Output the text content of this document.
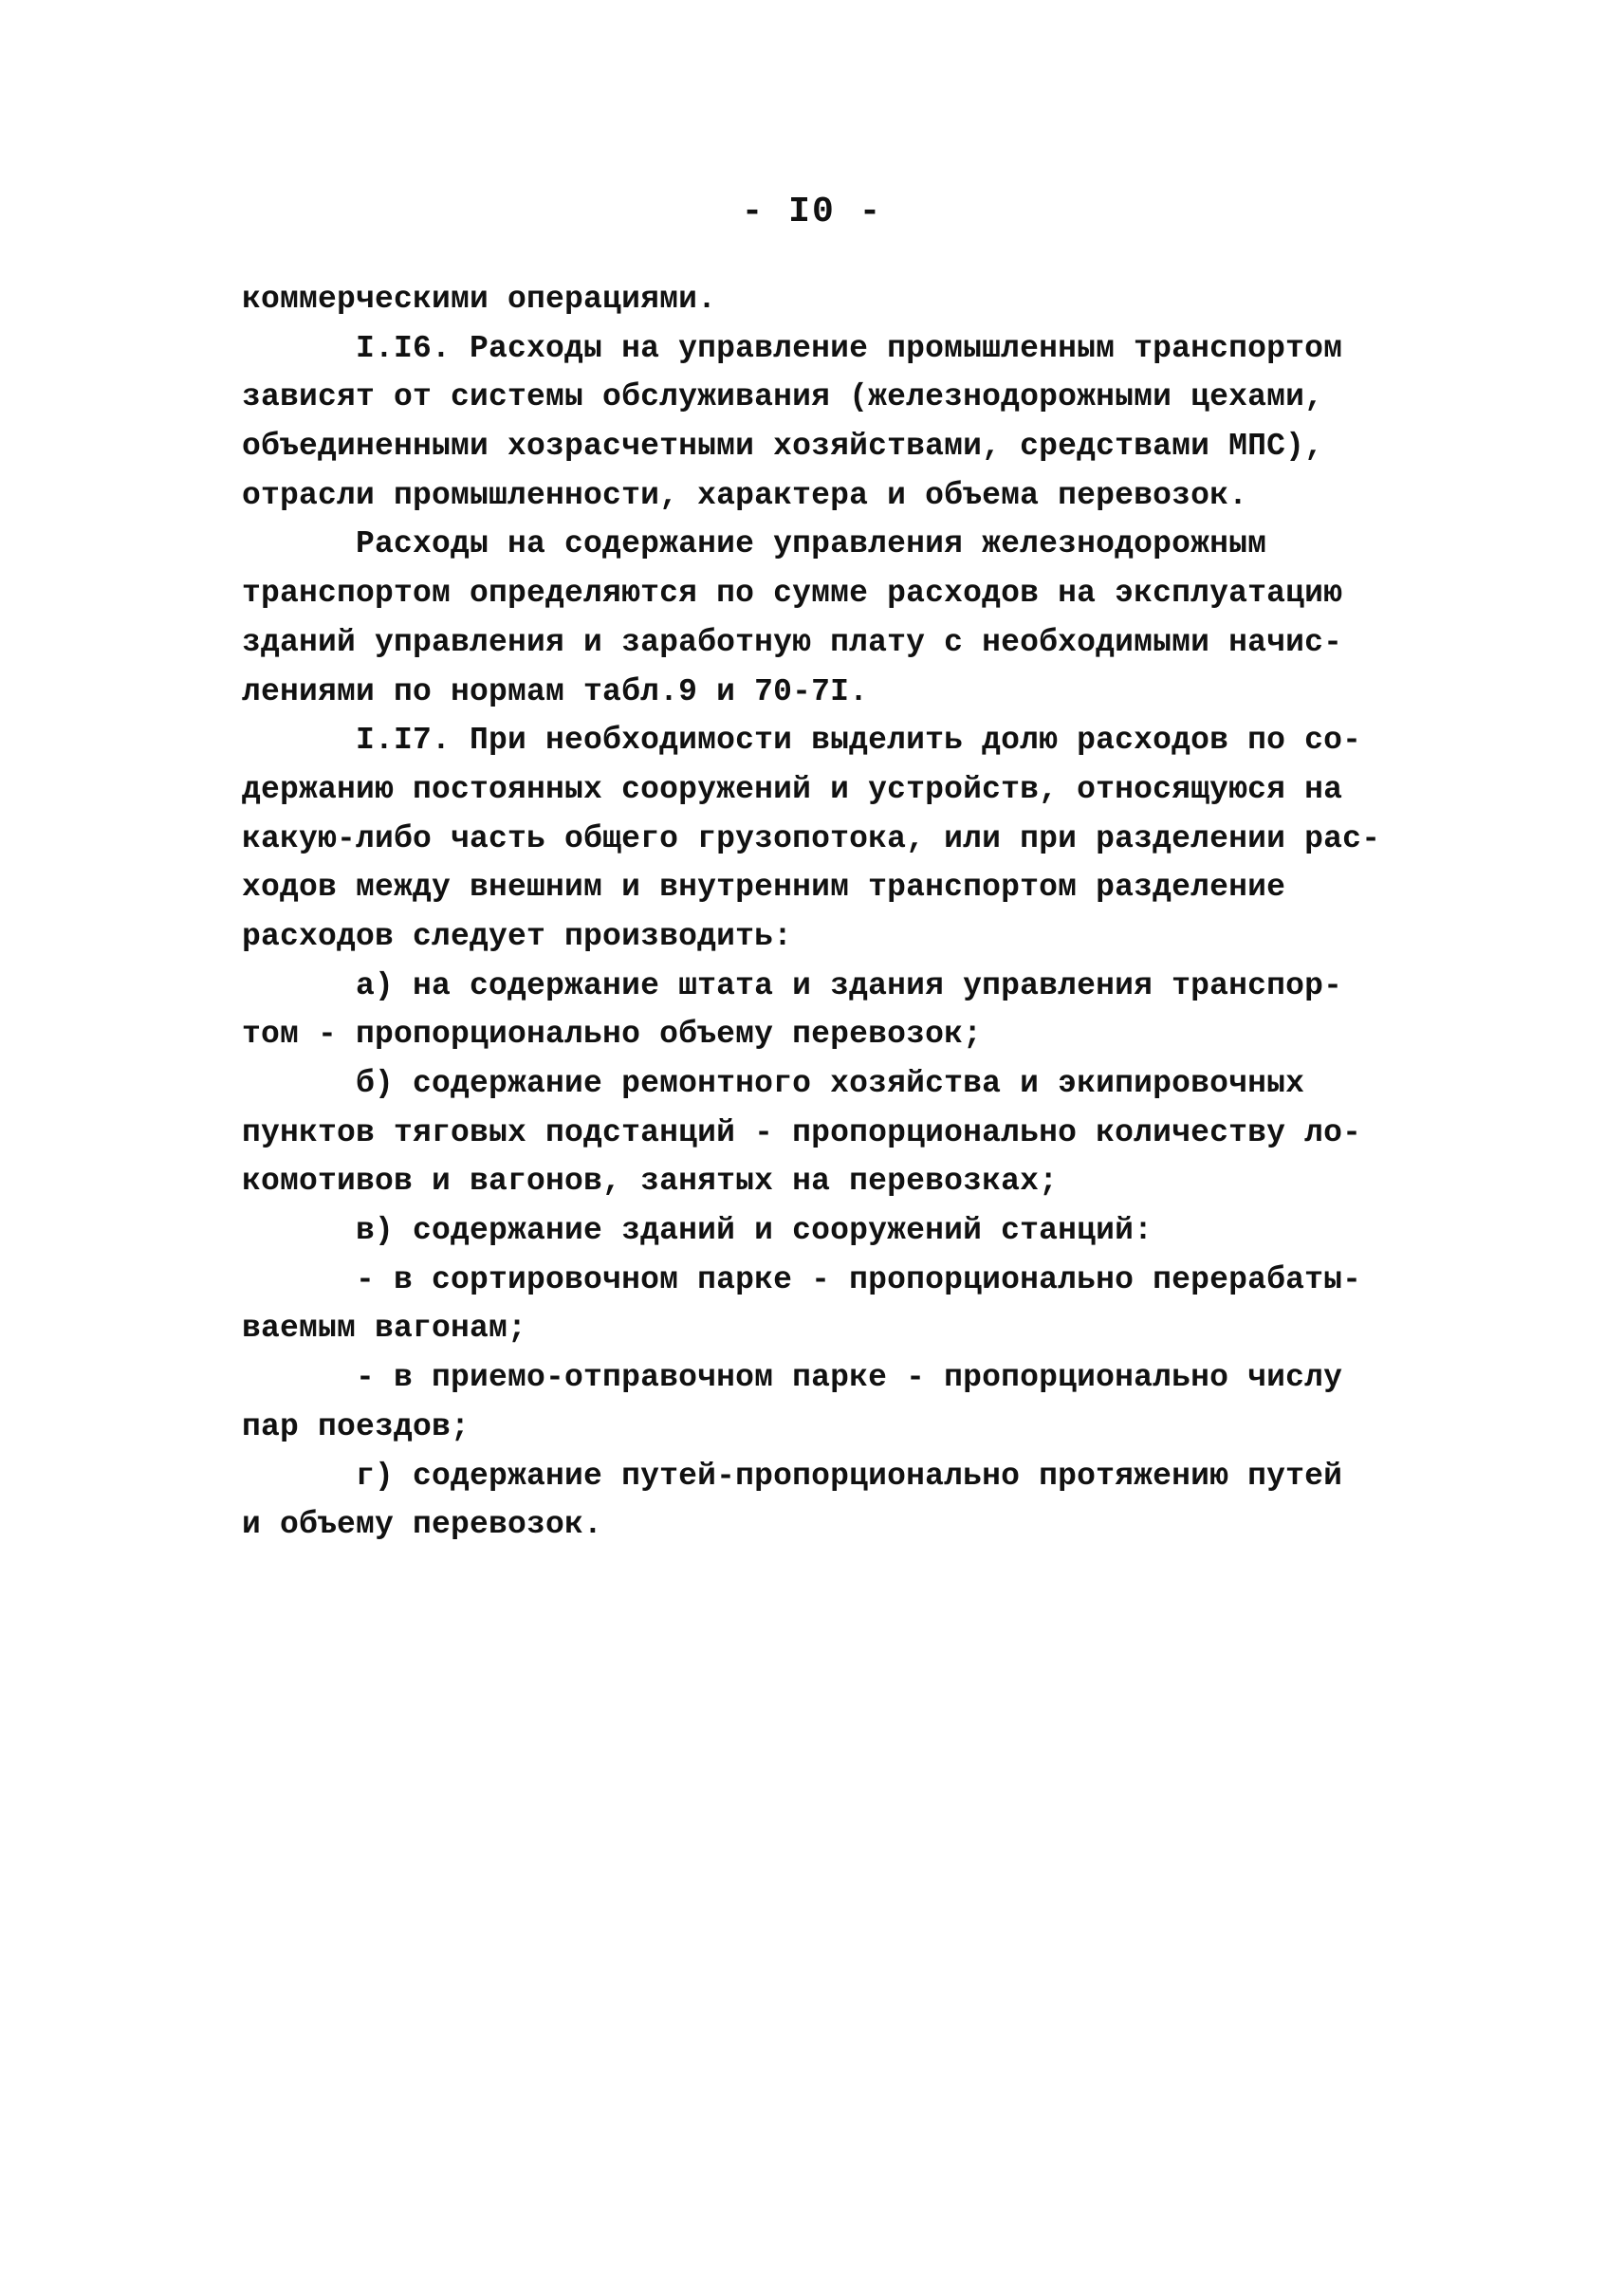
- I0 -
коммерческими операциями.
I.I6. Расходы на управление промышленным транспортом
зависят от системы обслуживания (железнодорожными цехами,
объединенными хозрасчетными хозяйствами, средствами МПС),
отрасли промышленности, характера и объема перевозок.
Расходы на содержание управления железнодорожным
транспортом определяются по сумме расходов на эксплуатацию
зданий управления и заработную плату с необходимыми начис-
лениями по нормам табл.9 и 70-7I.
I.I7. При необходимости выделить долю расходов по со-
держанию постоянных сооружений и устройств, относящуюся на
какую-либо часть общего грузопотока, или при разделении рас-
ходов между внешним и внутренним транспортом разделение
расходов следует производить:
а) на содержание штата и здания управления транспор-
том - пропорционально объему перевозок;
б) содержание ремонтного хозяйства и экипировочных
пунктов тяговых подстанций - пропорционально количеству ло-
комотивов и вагонов, занятых на перевозках;
в) содержание зданий и сооружений станций:
- в сортировочном парке - пропорционально перерабаты-
ваемым вагонам;
- в приемо-отправочном парке - пропорционально числу
пар поездов;
г) содержание путей-пропорционально протяжению путей
и объему перевозок.
